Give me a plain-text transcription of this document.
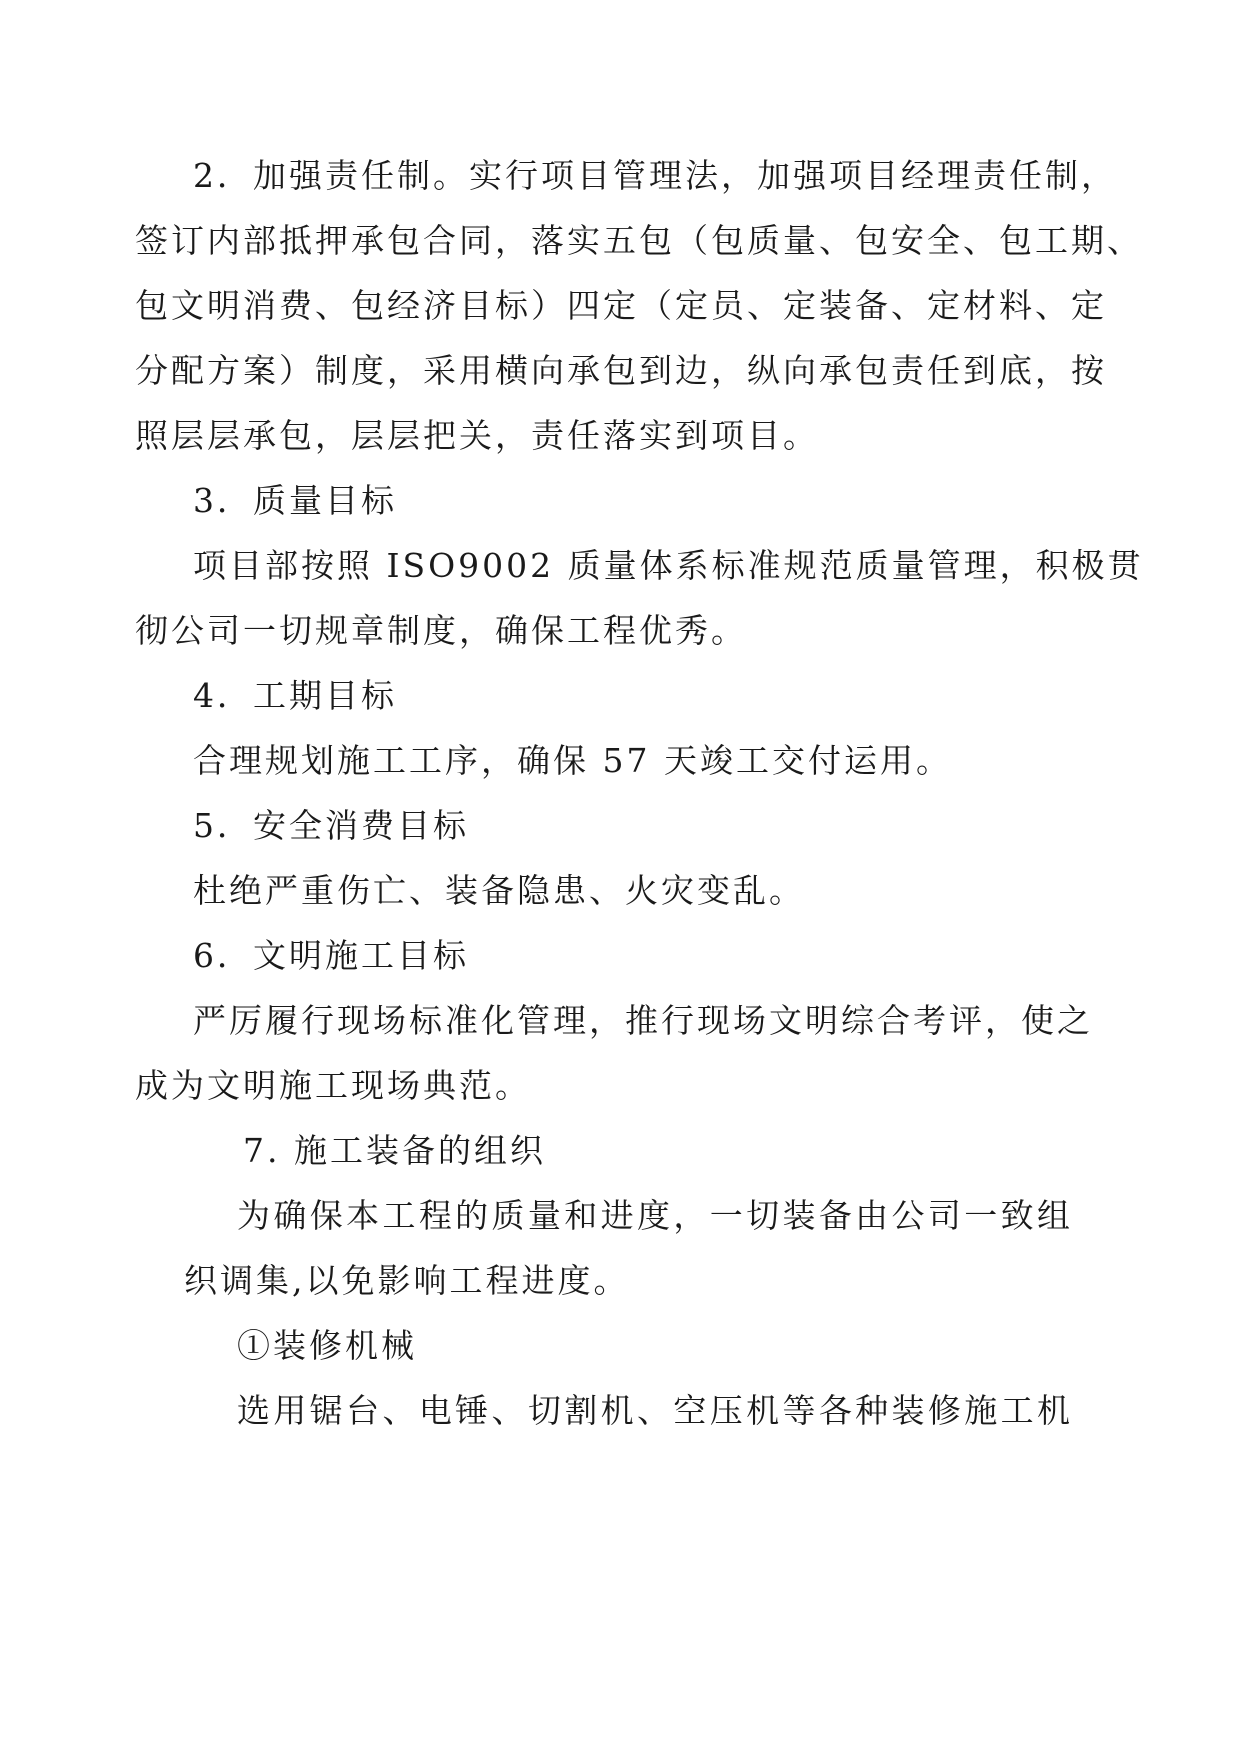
2．加强责任制。实行项目管理法，加强项目经理责任制，
签订内部抵押承包合同，落实五包（包质量、包安全、包工期、
包文明消费、包经济目标）四定（定员、定装备、定材料、定
分配方案）制度，采用横向承包到边，纵向承包责任到底，按
照层层承包，层层把关，责任落实到项目。
3．质量目标
项目部按照 ISO9002 质量体系标准规范质量管理，积极贯
彻公司一切规章制度，确保工程优秀。
4．工期目标
合理规划施工工序，确保 57 天竣工交付运用。
5．安全消费目标
杜绝严重伤亡、装备隐患、火灾变乱。
6．文明施工目标
严厉履行现场标准化管理，推行现场文明综合考评，使之
成为文明施工现场典范。
7. 施工装备的组织
为确保本工程的质量和进度，一切装备由公司一致组
织调集,以免影响工程进度。
①装修机械
选用锯台、电锤、切割机、空压机等各种装修施工机
